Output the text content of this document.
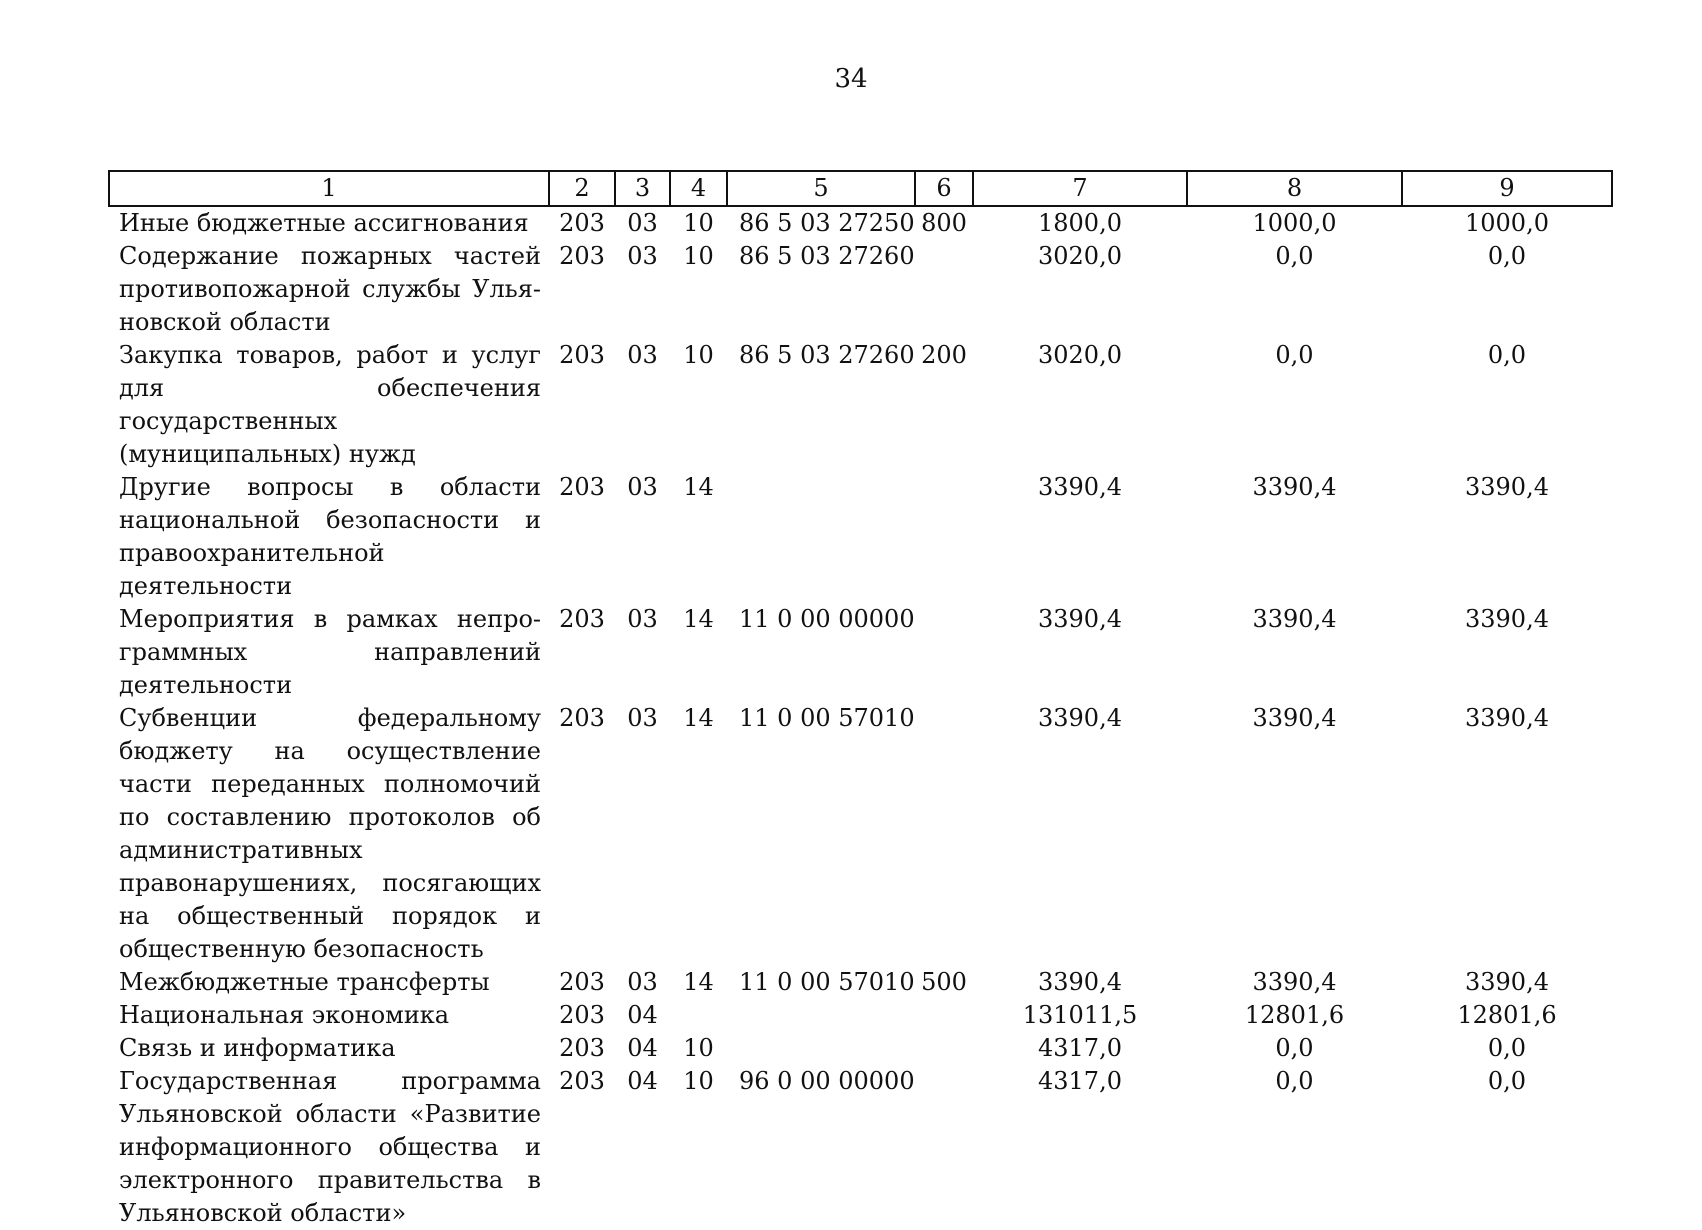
34
1	2	3	4	5	6	7	8	9
Иные бюджетные ассигнования	203	03	10	86 5 03 27250	800	1800,0	1000,0	1000,0
Содержание пожарных частей противопожарной службы Ульяновской области	203	03	10	86 5 03 27260		3020,0	0,0	0,0
Закупка товаров, работ и услуг для обеспечения государственных (муниципальных) нужд	203	03	10	86 5 03 27260	200	3020,0	0,0	0,0
Другие вопросы в области национальной безопасности и правоохранительной деятельности	203	03	14			3390,4	3390,4	3390,4
Мероприятия в рамках непрограммных направлений деятельности	203	03	14	11 0 00 00000		3390,4	3390,4	3390,4
Субвенции федеральному бюджету на осуществление части переданных полномочий по составлению протоколов об административных правонарушениях, посягающих на общественный порядок и общественную безопасность	203	03	14	11 0 00 57010		3390,4	3390,4	3390,4
Межбюджетные трансферты	203	03	14	11 0 00 57010	500	3390,4	3390,4	3390,4
Национальная экономика	203	04				131011,5	12801,6	12801,6
Связь и информатика	203	04	10			4317,0	0,0	0,0
Государственная программа Ульяновской области «Развитие информационного общества и электронного правительства в Ульяновской области»	203	04	10	96 0 00 00000		4317,0	0,0	0,0
